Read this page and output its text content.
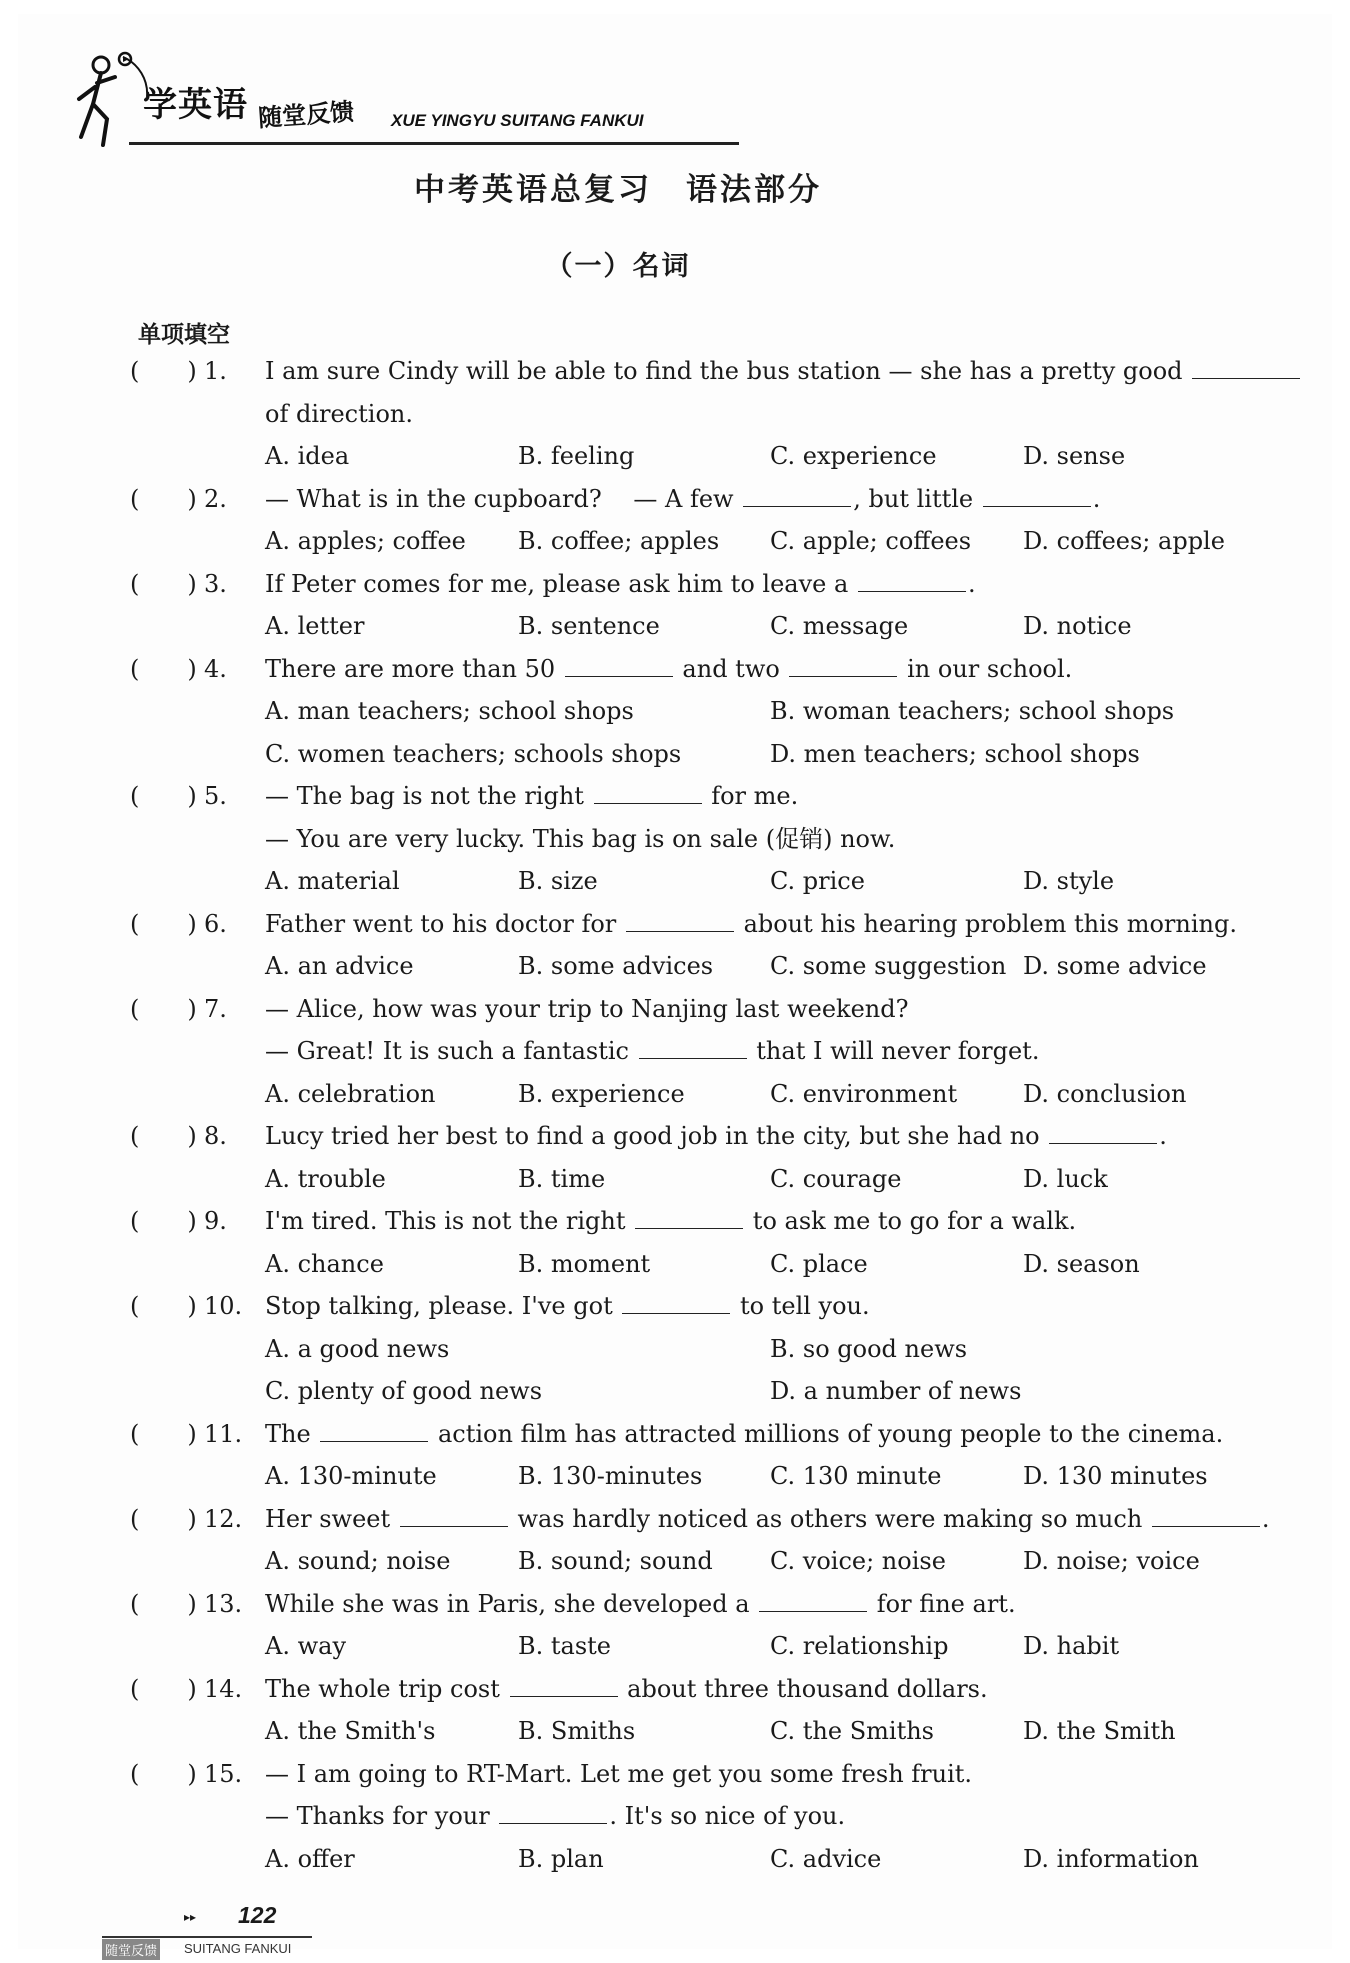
学英语 随堂反馈 XUE YINGYU SUITANG FANKUI
中考英语总复习　语法部分
（一）名词
单项填空
(　　) 1. I am sure Cindy will be able to find the bus station — she has a pretty good
of direction.
A. idea	B. feeling	C. experience	D. sense
(　　) 2. — What is in the cupboard?　 — A few	, but little	.
A. apples; coffee B. coffee; apples C. apple; coffees D. coffees; apple
(　　) 3. If Peter comes for me, please ask him to leave a	.
A. letter	B. sentence	C. message	D. notice
(　　) 4. There are more than 50	and two	in our school.
A. man teachers; school shops	B. woman teachers; school shops
C. women teachers; schools shops	D. men teachers; school shops
(　　) 5. — The bag is not the right	for me.
— You are very lucky. This bag is on sale (促销) now.
A. material	B. size	C. price	D. style
(　　) 6. Father went to his doctor for	about his hearing problem this morning.
A. an advice	B. some advices C. some suggestion D. some advice
(　　) 7. — Alice, how was your trip to Nanjing last weekend?
— Great! It is such a fantastic	that I will never forget.
A. celebration	B. experience	C. environment	D. conclusion
(　　) 8. Lucy tried her best to find a good job in the city, but she had no	.
A. trouble	B. time	C. courage	D. luck
(　　) 9. I'm tired. This is not the right	to ask me to go for a walk.
A. chance	B. moment	C. place	D. season
(　　) 10. Stop talking, please. I've got	to tell you.
A. a good news	B. so good news
C. plenty of good news	D. a number of news
(　　) 11. The	action film has attracted millions of young people to the cinema.
A. 130-minute	B. 130-minutes	C. 130 minute	D. 130 minutes
(　　) 12. Her sweet	was hardly noticed as others were making so much	.
A. sound; noise	B. sound; sound C. voice; noise	D. noise; voice
(　　) 13. While she was in Paris, she developed a	for fine art.
A. way	B. taste	C. relationship	D. habit
(　　) 14. The whole trip cost	about three thousand dollars.
A. the Smith's	B. Smiths	C. the Smiths	D. the Smith
(　　) 15. — I am going to RT-Mart. Let me get you some fresh fruit.
— Thanks for your	. It's so nice of you.
A. offer	B. plan	C. advice	D. information
▸▸ 122
随堂反馈 SUITANG FANKUI
